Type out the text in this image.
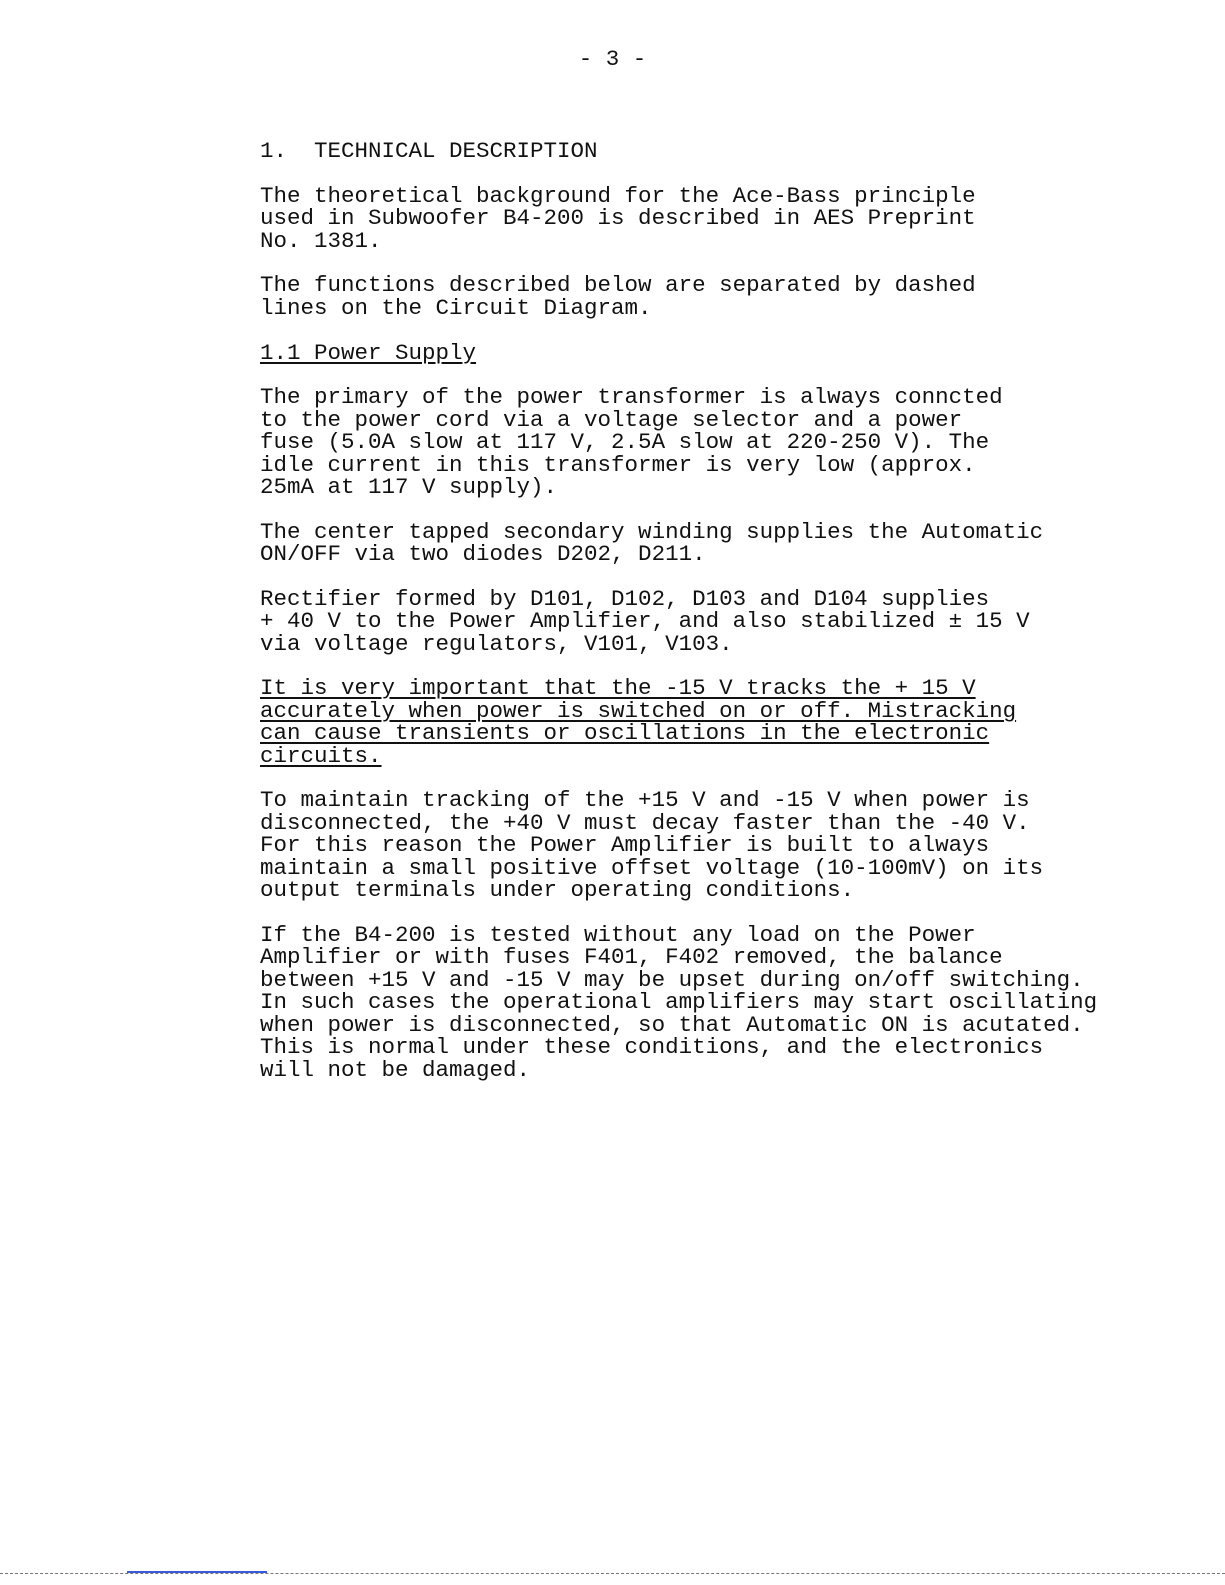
- 3 -
1.  TECHNICAL DESCRIPTION
The theoretical background for the Ace-Bass principle
used in Subwoofer B4-200 is described in AES Preprint
No. 1381.
The functions described below are separated by dashed
lines on the Circuit Diagram.
1.1 Power Supply
The primary of the power transformer is always conncted
to the power cord via a voltage selector and a power
fuse (5.0A slow at 117 V, 2.5A slow at 220-250 V). The
idle current in this transformer is very low (approx.
25mA at 117 V supply).
The center tapped secondary winding supplies the Automatic
ON/OFF via two diodes D202, D211.
Rectifier formed by D101, D102, D103 and D104 supplies
+ 40 V to the Power Amplifier, and also stabilized ± 15 V
via voltage regulators, V101, V103.
It is very important that the -15 V tracks the + 15 V
accurately when power is switched on or off. Mistracking
can cause transients or oscillations in the electronic
circuits.
To maintain tracking of the +15 V and -15 V when power is
disconnected, the +40 V must decay faster than the -40 V.
For this reason the Power Amplifier is built to always
maintain a small positive offset voltage (10-100mV) on its
output terminals under operating conditions.
If the B4-200 is tested without any load on the Power
Amplifier or with fuses F401, F402 removed, the balance
between +15 V and -15 V may be upset during on/off switching.
In such cases the operational amplifiers may start oscillating
when power is disconnected, so that Automatic ON is acutated.
This is normal under these conditions, and the electronics
will not be damaged.
